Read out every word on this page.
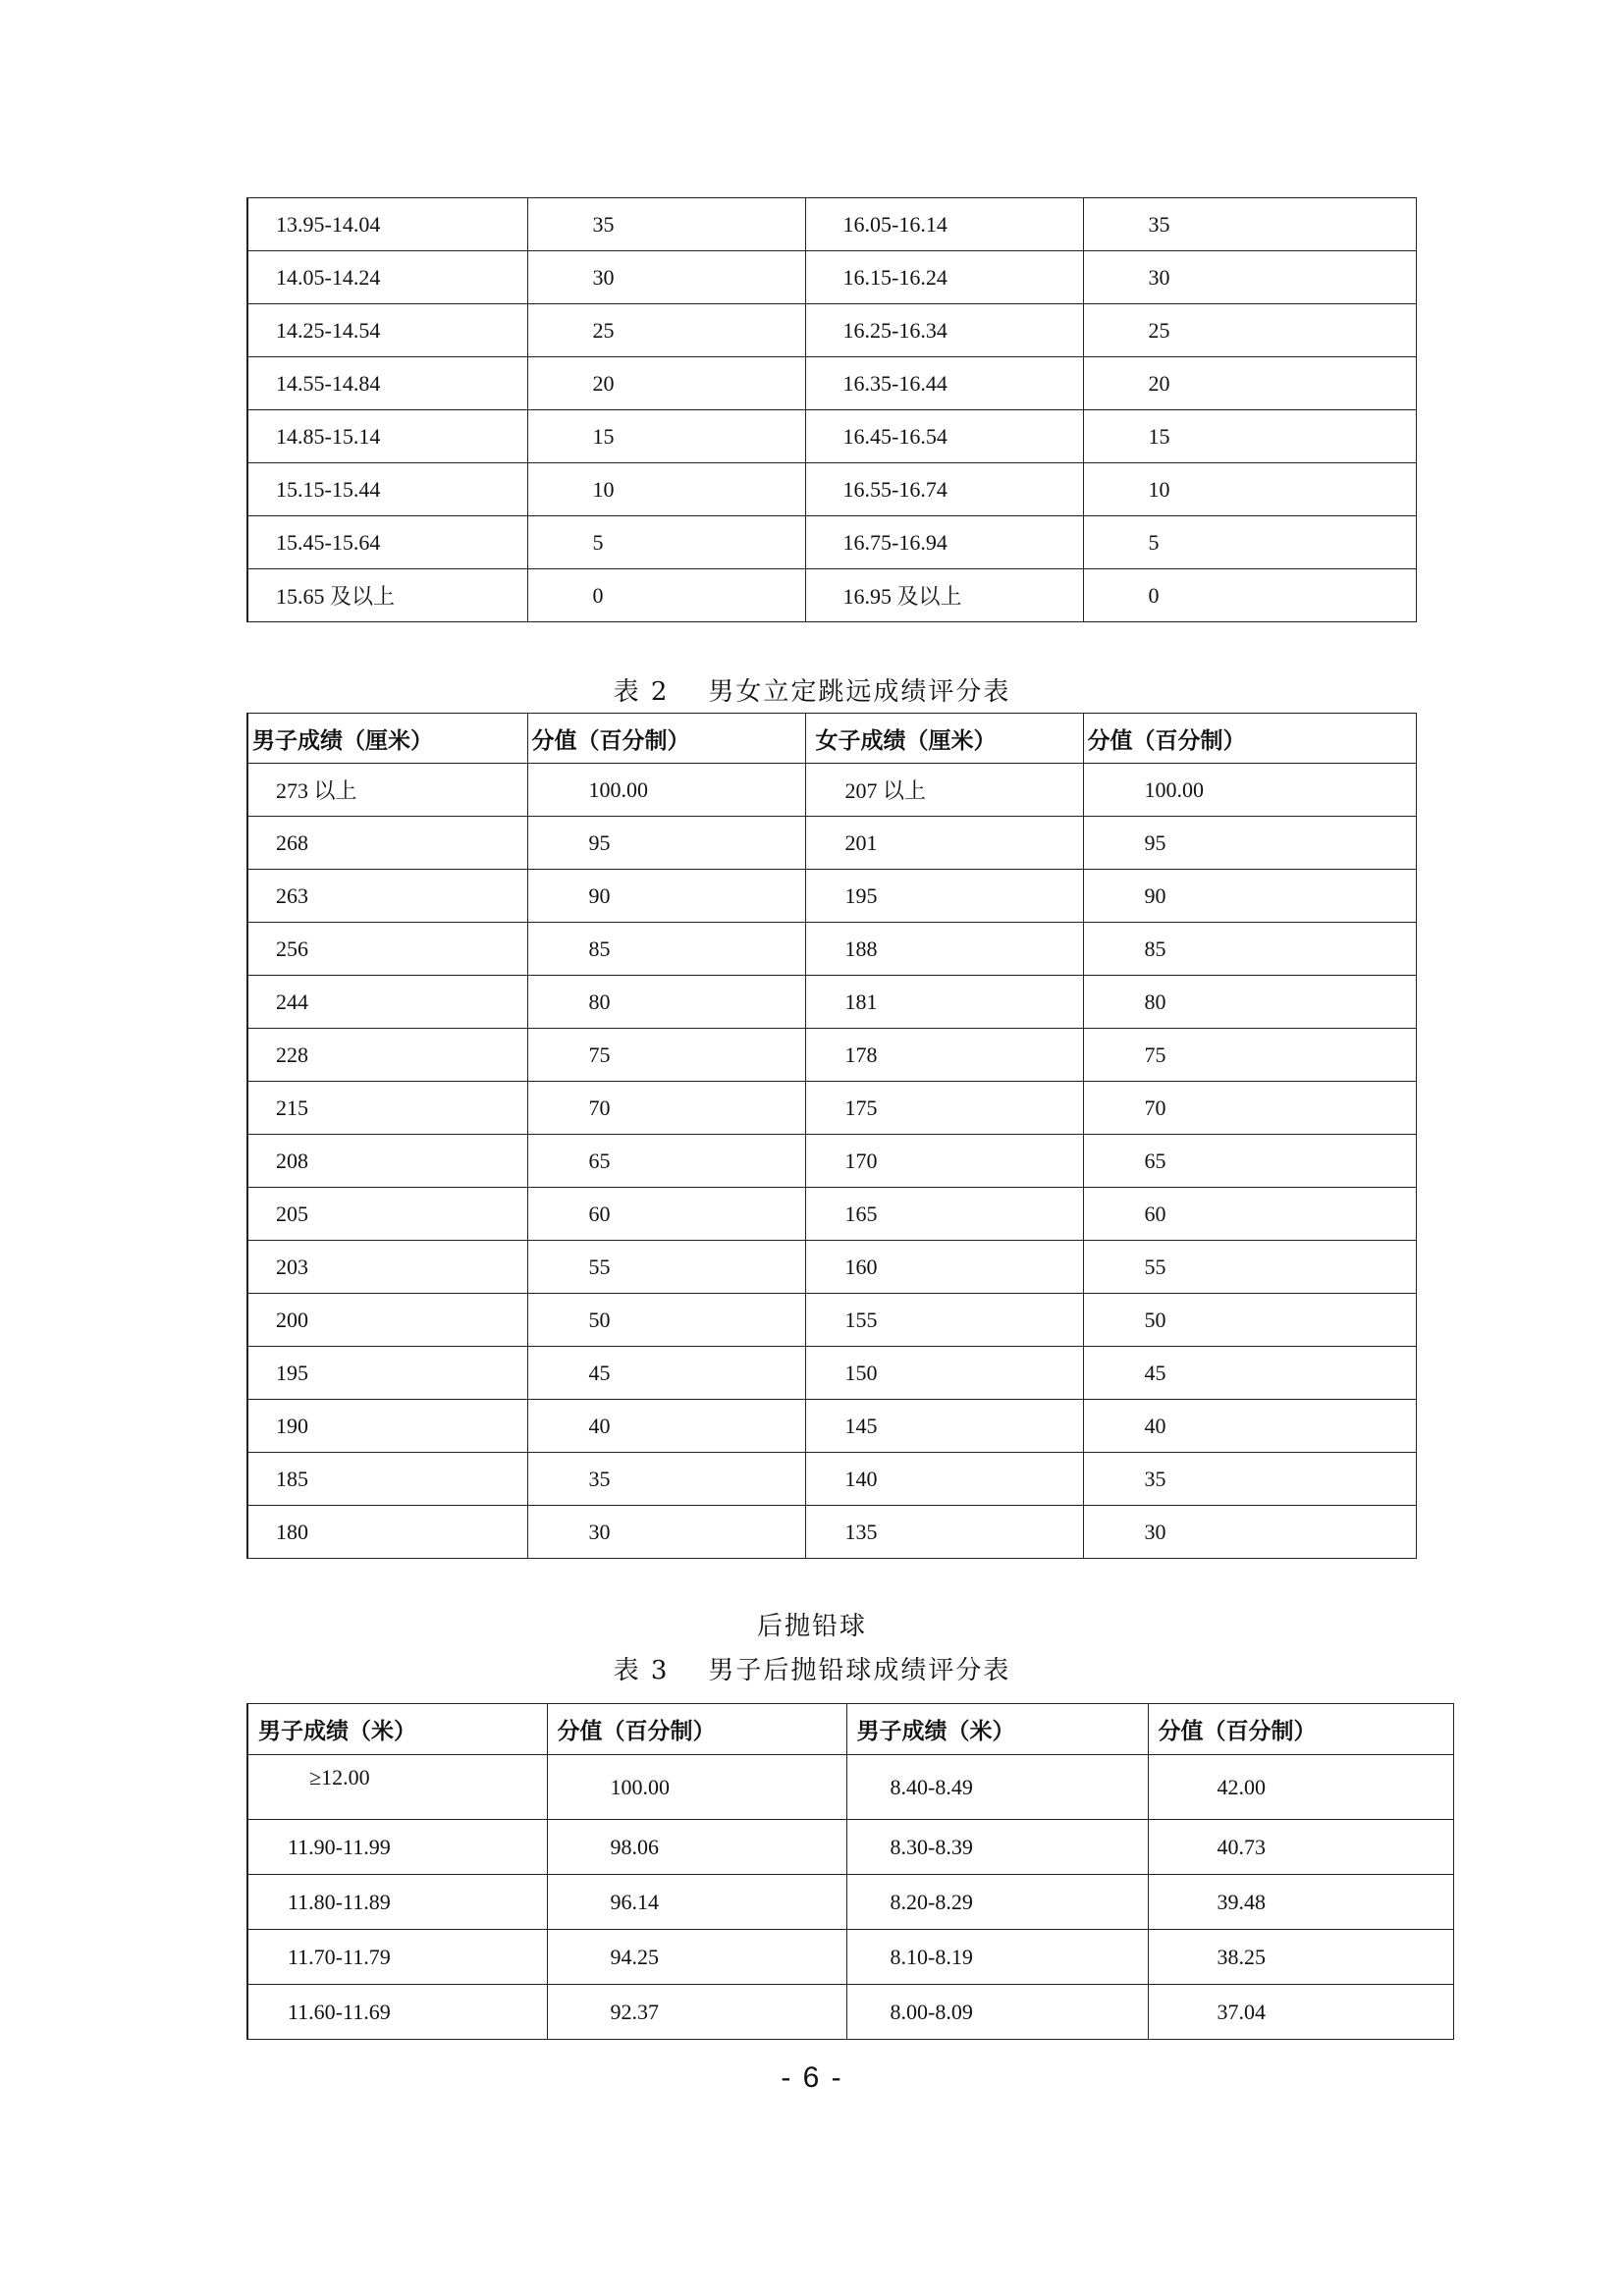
13.95-14.04	35	16.05-16.14	35
14.05-14.24	30	16.15-16.24	30
14.25-14.54	25	16.25-16.34	25
14.55-14.84	20	16.35-16.44	20
14.85-15.14	15	16.45-16.54	15
15.15-15.44	10	16.55-16.74	10
15.45-15.64	5	16.75-16.94	5
15.65 及以上	0	16.95 及以上	0
表 2 男女立定跳远成绩评分表
男子成绩（厘米）	分值（百分制）	女子成绩（厘米）	分值（百分制）
273 以上	100.00	207 以上	100.00
268	95	201	95
263	90	195	90
256	85	188	85
244	80	181	80
228	75	178	75
215	70	175	70
208	65	170	65
205	60	165	60
203	55	160	55
200	50	155	50
195	45	150	45
190	40	145	40
185	35	140	35
180	30	135	30
后抛铅球
表 3 男子后抛铅球成绩评分表
男子成绩（米）	分值（百分制）	男子成绩（米）	分值（百分制）
≥12.00	100.00	8.40-8.49	42.00
11.90-11.99	98.06	8.30-8.39	40.73
11.80-11.89	96.14	8.20-8.29	39.48
11.70-11.79	94.25	8.10-8.19	38.25
11.60-11.69	92.37	8.00-8.09	37.04
- 6 -
